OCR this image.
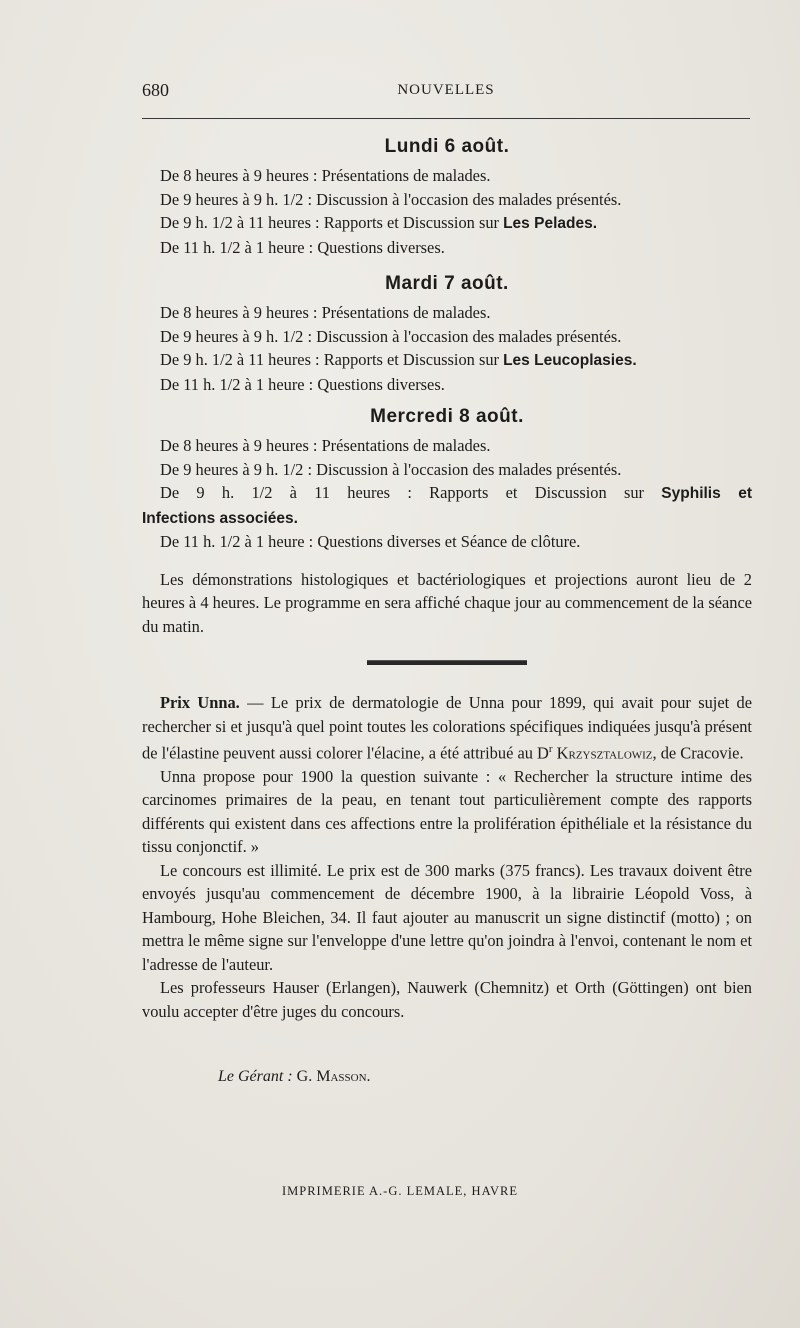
680	NOUVELLES
Lundi 6 août.
De 8 heures à 9 heures : Présentations de malades.
De 9 heures à 9 h. 1/2 : Discussion à l'occasion des malades présentés.
De 9 h. 1/2 à 11 heures : Rapports et Discussion sur Les Pelades.
De 11 h. 1/2 à 1 heure : Questions diverses.
Mardi 7 août.
De 8 heures à 9 heures : Présentations de malades.
De 9 heures à 9 h. 1/2 : Discussion à l'occasion des malades présentés.
De 9 h. 1/2 à 11 heures : Rapports et Discussion sur Les Leucoplasies.
De 11 h. 1/2 à 1 heure : Questions diverses.
Mercredi 8 août.
De 8 heures à 9 heures : Présentations de malades.
De 9 heures à 9 h. 1/2 : Discussion à l'occasion des malades présentés.
De 9 h. 1/2 à 11 heures : Rapports et Discussion sur Syphilis et
Infections associées.
De 11 h. 1/2 à 1 heure : Questions diverses et Séance de clôture.
Les démonstrations histologiques et bactériologiques et projections auront lieu de 2 heures à 4 heures. Le programme en sera affiché chaque jour au commencement de la séance du matin.
Prix Unna. — Le prix de dermatologie de Unna pour 1899, qui avait pour sujet de rechercher si et jusqu'à quel point toutes les colorations spécifiques indiquées jusqu'à présent de l'élastine peuvent aussi colorer l'élacine, a été attribué au $D^r$ Krzysztalowiz, de Cracovie.
Unna propose pour 1900 la question suivante : « Rechercher la structure intime des carcinomes primaires de la peau, en tenant tout particulièrement compte des rapports différents qui existent dans ces affections entre la prolifération épithéliale et la résistance du tissu conjonctif. »
Le concours est illimité. Le prix est de 300 marks (375 francs). Les travaux doivent être envoyés jusqu'au commencement de décembre 1900, à la librairie Léopold Voss, à Hambourg, Hohe Bleichen, 34. Il faut ajouter au manuscrit un signe distinctif (motto) ; on mettra le même signe sur l'enveloppe d'une lettre qu'on joindra à l'envoi, contenant le nom et l'adresse de l'auteur.
Les professeurs Hauser (Erlangen), Nauwerk (Chemnitz) et Orth (Göttingen) ont bien voulu accepter d'être juges du concours.
Le Gérant : G. Masson.
IMPRIMERIE A.-G. LEMALE, HAVRE
